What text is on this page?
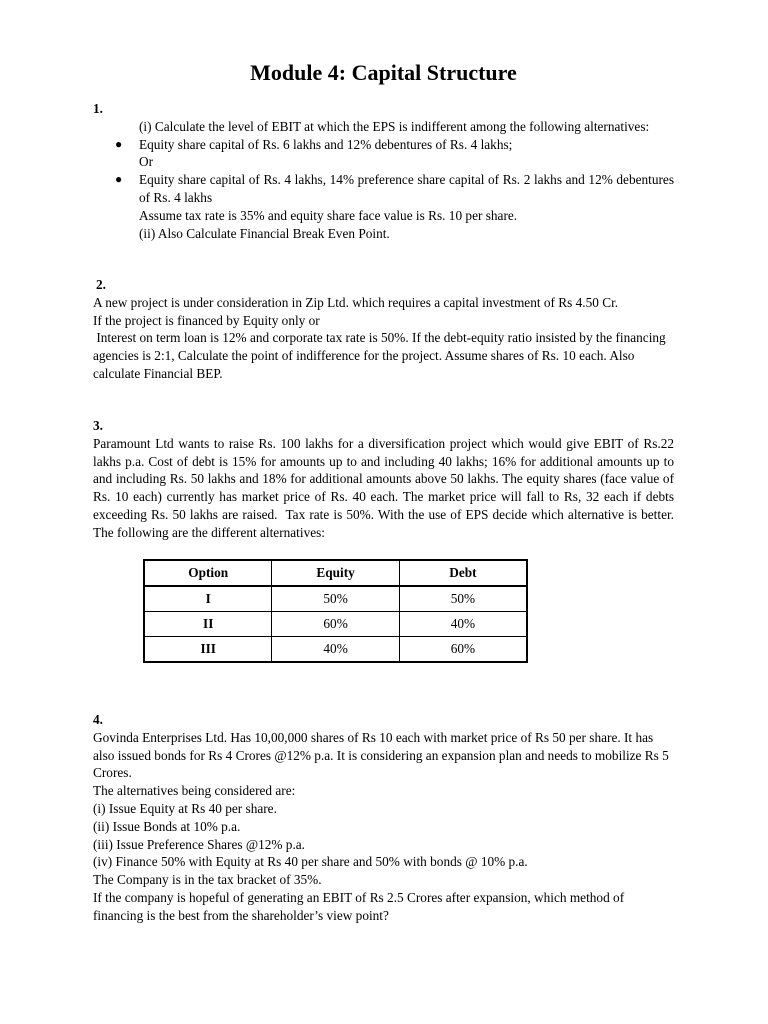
Module 4: Capital Structure

1.

(i) Calculate the level of EBIT at which the EPS is indifferent among the following alternatives:

● Equity share capital of Rs. 6 lakhs and 12% debentures of Rs. 4 lakhs;

Or

● Equity share capital of Rs. 4 lakhs, 14% preference share capital of Rs. 2 lakhs and 12% debentures of Rs. 4 lakhs

Assume tax rate is 35% and equity share face value is Rs. 10 per share.

(ii) Also Calculate Financial Break Even Point.

2.

A new project is under consideration in Zip Ltd. which requires a capital investment of Rs 4.50 Cr.

If the project is financed by Equity only or

Interest on term loan is 12% and corporate tax rate is 50%. If the debt-equity ratio insisted by the financing agencies is 2:1, Calculate the point of indifference for the project. Assume shares of Rs. 10 each. Also calculate Financial BEP.

3.

Paramount Ltd wants to raise Rs. 100 lakhs for a diversification project which would give EBIT of Rs.22 lakhs p.a. Cost of debt is 15% for amounts up to and including 40 lakhs; 16% for additional amounts up to and including Rs. 50 lakhs and 18% for additional amounts above 50 lakhs. The equity shares (face value of Rs. 10 each) currently has market price of Rs. 40 each. The market price will fall to Rs, 32 each if debts exceeding Rs. 50 lakhs are raised.  Tax rate is 50%. With the use of EPS decide which alternative is better. The following are the different alternatives:

Option	Equity	Debt
I	50%	50%
II	60%	40%
III	40%	60%

4.

Govinda Enterprises Ltd. Has 10,00,000 shares of Rs 10 each with market price of Rs 50 per share. It has also issued bonds for Rs 4 Crores @12% p.a. It is considering an expansion plan and needs to mobilize Rs 5 Crores.

The alternatives being considered are:

(i) Issue Equity at Rs 40 per share.

(ii) Issue Bonds at 10% p.a.

(iii) Issue Preference Shares @12% p.a.

(iv) Finance 50% with Equity at Rs 40 per share and 50% with bonds @ 10% p.a.

The Company is in the tax bracket of 35%.

If the company is hopeful of generating an EBIT of Rs 2.5 Crores after expansion, which method of financing is the best from the shareholder’s view point?
